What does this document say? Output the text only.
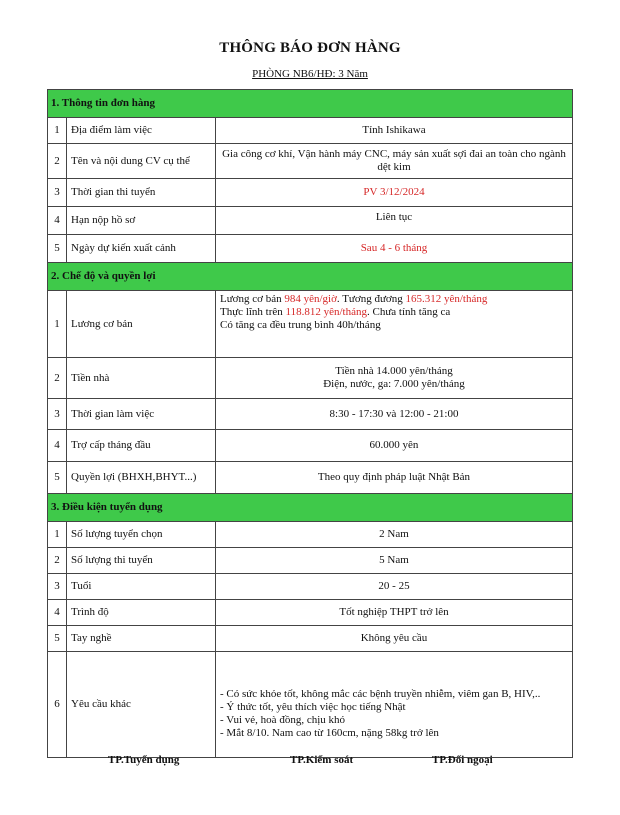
THÔNG BÁO ĐƠN HÀNG
PHÒNG NB6/HĐ: 3 Năm
1. Thông tin đơn hàng		
1	Địa điểm làm việc	Tỉnh Ishikawa
2	Tên và nội dung CV cụ thể	Gia công cơ khí, Vận hành máy CNC, máy sản xuất sợi đai an toàn cho ngành dệt kim
3	Thời gian thi tuyển	PV 3/12/2024
4	Hạn nộp hồ sơ	Liên tục
5	Ngày dự kiến xuất cảnh	Sau 4 - 6 tháng
2. Chế độ và quyền lợi		
1	Lương cơ bản	Lương cơ bản 984 yên/giờ. Tương đương 165.312 yên/tháng
Thực lĩnh trên 118.812 yên/tháng. Chưa tính tăng ca
Có tăng ca đều trung bình 40h/tháng

2	Tiền nhà	Tiền nhà 14.000 yên/tháng
Điện, nước, ga: 7.000 yên/tháng

3	Thời gian làm việc	8:30 - 17:30 và 12:00 - 21:00
4	Trợ cấp tháng đầu	60.000 yên
5	Quyền lợi (BHXH,BHYT...)	Theo quy định pháp luật Nhật Bản
3. Điều kiện tuyển dụng		
1	Số lượng tuyển chọn	2 Nam
2	Số lượng thi tuyển	5 Nam
3	Tuổi	20 - 25
4	Trình độ	Tốt nghiệp THPT trở lên
5	Tay nghề	Không yêu cầu
6	Yêu cầu khác	- Có sức khỏe tốt, không mắc các bệnh truyền nhiễm, viêm gan B, HIV,..
- Ý thức tốt, yêu thích việc học tiếng Nhật
- Vui vẻ, hoà đồng, chịu khó
- Mắt 8/10. Nam cao từ 160cm, nặng 58kg trở lên
TP.Tuyển dụng	TP.Kiểm soát	TP.Đối ngoại
